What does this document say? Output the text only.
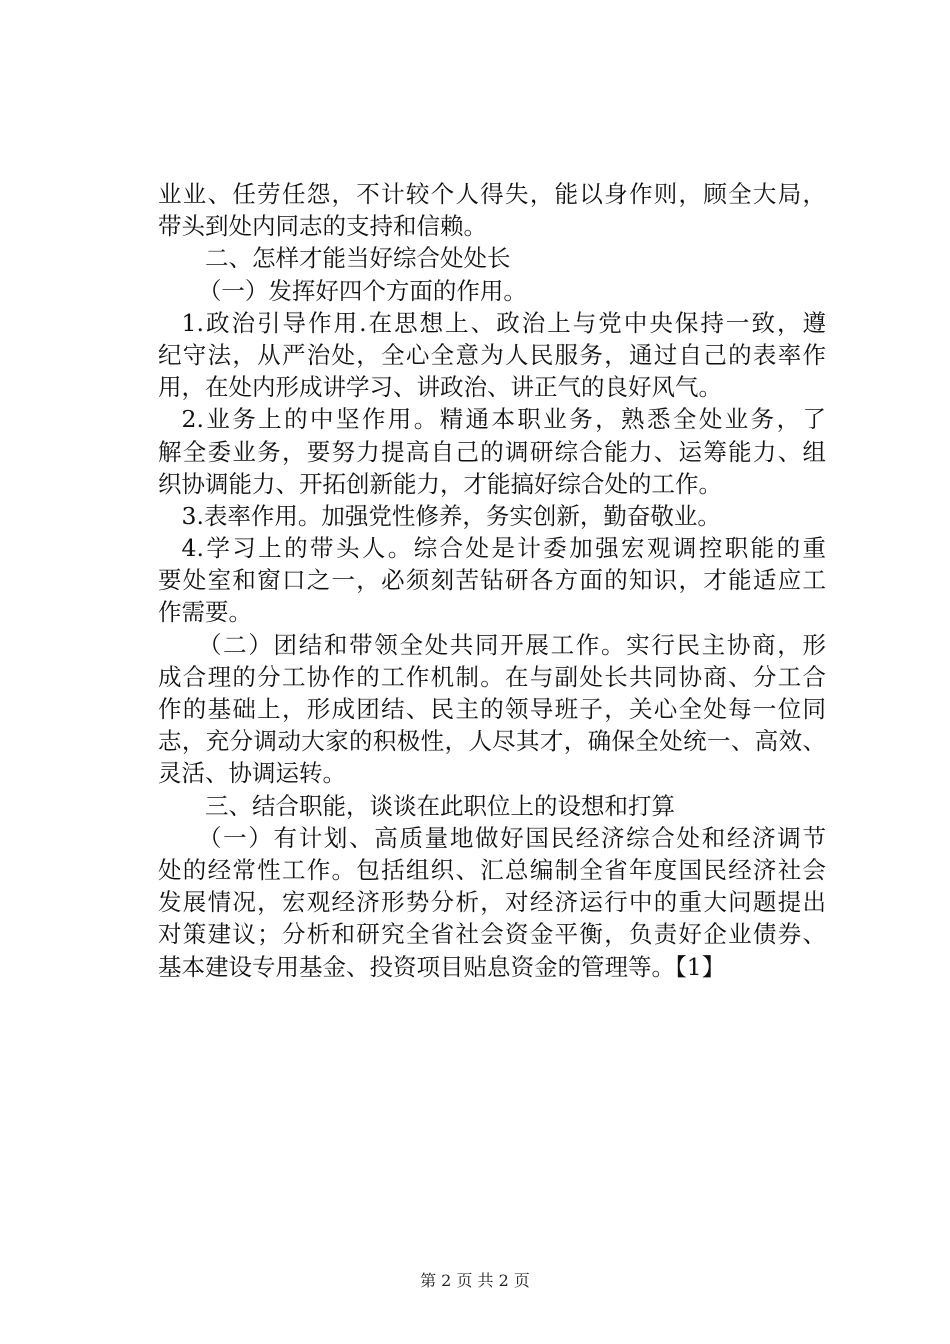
业业、任劳任怨，不计较个人得失，能以身作则，顾全大局，
带头到处内同志的支持和信赖。
二、怎样才能当好综合处处长
（一）发挥好四个方面的作用。
1.政治引导作用.在思想上、政治上与党中央保持一致，遵
纪守法，从严治处，全心全意为人民服务，通过自己的表率作
用，在处内形成讲学习、讲政治、讲正气的良好风气。
2.业务上的中坚作用。精通本职业务，熟悉全处业务，了
解全委业务，要努力提高自己的调研综合能力、运筹能力、组
织协调能力、开拓创新能力，才能搞好综合处的工作。
3.表率作用。加强党性修养，务实创新，勤奋敬业。
4.学习上的带头人。综合处是计委加强宏观调控职能的重
要处室和窗口之一，必须刻苦钻研各方面的知识，才能适应工
作需要。
（二）团结和带领全处共同开展工作。实行民主协商，形
成合理的分工协作的工作机制。在与副处长共同协商、分工合
作的基础上，形成团结、民主的领导班子，关心全处每一位同
志，充分调动大家的积极性，人尽其才，确保全处统一、高效、
灵活、协调运转。
三、结合职能，谈谈在此职位上的设想和打算
（一）有计划、高质量地做好国民经济综合处和经济调节
处的经常性工作。包括组织、汇总编制全省年度国民经济社会
发展情况，宏观经济形势分析，对经济运行中的重大问题提出
对策建议；分析和研究全省社会资金平衡，负责好企业债券、
基本建设专用基金、投资项目贴息资金的管理等。【1】
第 2 页 共 2 页
